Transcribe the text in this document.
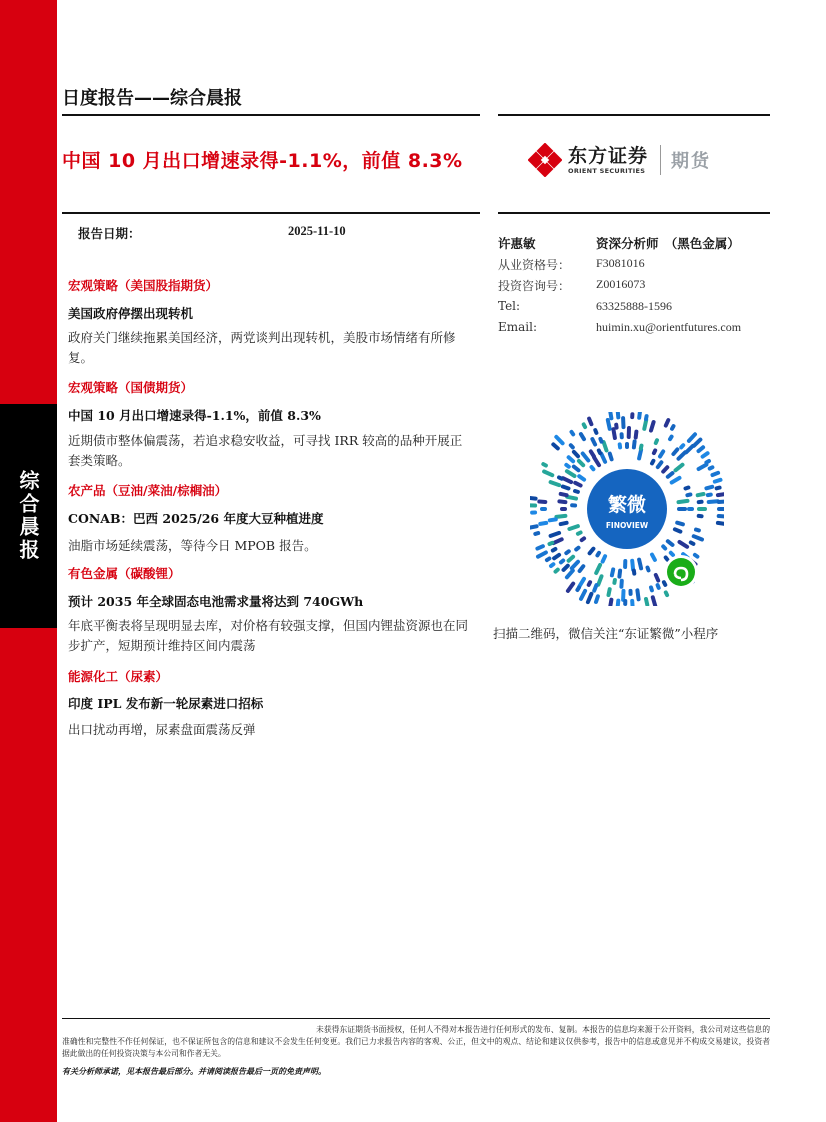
综合晨报
日度报告——综合晨报
中国 10 月出口增速录得-1.1%，前值 8.3%	东方证券
ORIENT SECURITIES 期货
报告日期：	2025-11-10
宏观策略（美国股指期货）
美国政府停摆出现转机
政府关门继续拖累美国经济，两党谈判出现转机，美股市场情绪有所修复。
宏观策略（国债期货）
中国 10 月出口增速录得-1.1%，前值 8.3%
近期债市整体偏震荡，若追求稳安收益，可寻找 IRR 较高的品种开展正套类策略。
农产品（豆油/菜油/棕榈油）
CONAB：巴西 2025/26 年度大豆种植进度
油脂市场延续震荡，等待今日 MPOB 报告。
有色金属（碳酸锂）
预计 2035 年全球固态电池需求量将达到 740GWh
年底平衡表将呈现明显去库，对价格有较强支撑，但国内锂盐资源也在同步扩产，短期预计维持区间内震荡
能源化工（尿素）
印度 IPL 发布新一轮尿素进口招标
出口扰动再增，尿素盘面震荡反弹
许惠敏	资深分析师　（黑色金属）
从业资格号： F3081016
投资咨询号： Z0016073
Tel:	63325888-1596
Email:	huimin.xu@orientfutures.com
繁微
FINOVIEW
扫描二维码，微信关注“东证繁微”小程序
未获得东证期货书面授权，任何人不得对本报告进行任何形式的发布、复制。本报告的信息均来源于公开资料，我公司对这些信息的准确性和完整性不作任何保证，也不保证所包含的信息和建议不会发生任何变更。我们已力求报告内容的客观、公正，但文中的观点、结论和建议仅供参考，报告中的信息或意见并不构成交易建议，投资者据此做出的任何投资决策与本公司和作者无关。
有关分析师承诺，见本报告最后部分。并请阅读报告最后一页的免责声明。
